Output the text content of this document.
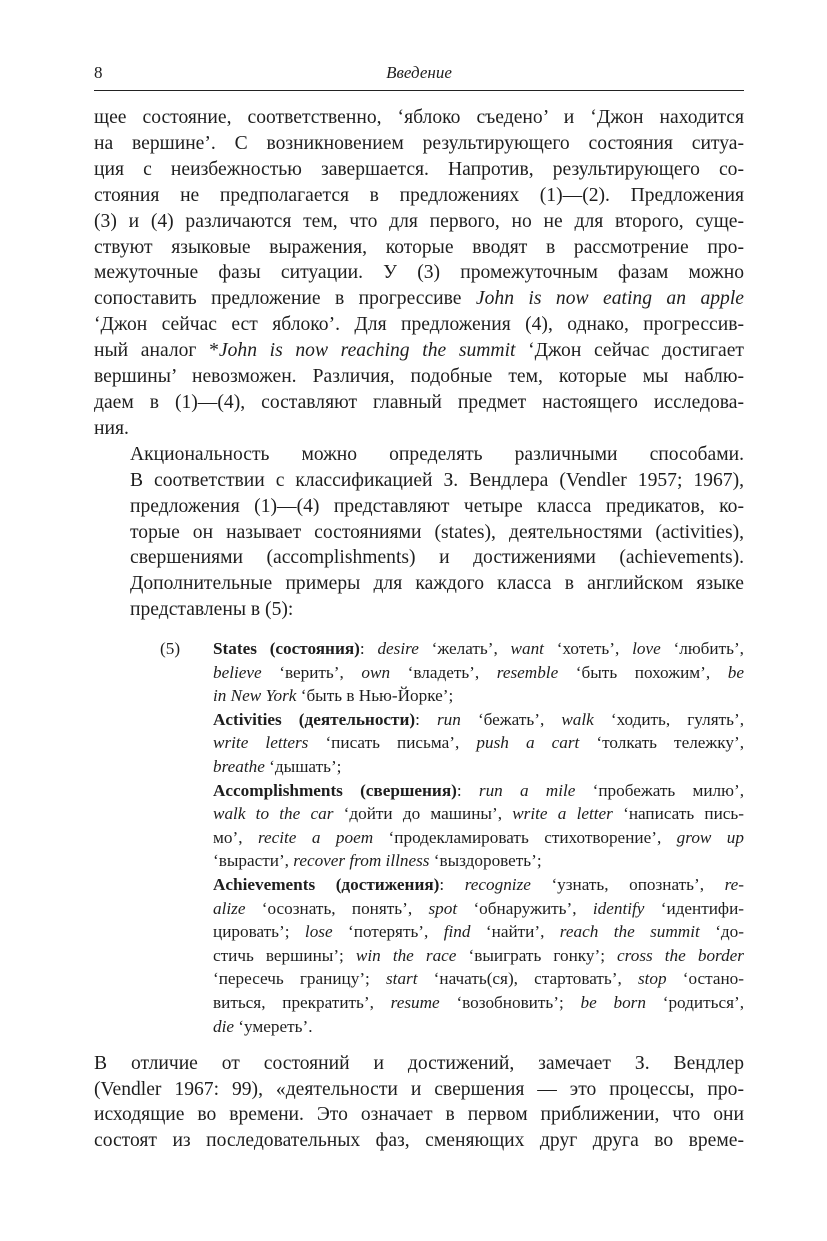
8	Введение

щее состояние, соответственно, ‘яблоко съедено’ и ‘Джон находится
на вершине’. С возникновением результирующего состояния ситуа-
ция с неизбежностью завершается. Напротив, результирующего со-
стояния не предполагается в предложениях (1)—(2). Предложения
(3) и (4) различаются тем, что для первого, но не для второго, суще-
ствуют языковые выражения, которые вводят в рассмотрение про-
межуточные фазы ситуации. У (3) промежуточным фазам можно
сопоставить предложение в прогрессиве John is now eating an apple
‘Джон сейчас ест яблоко’. Для предложения (4), однако, прогрессив-
ный аналог *John is now reaching the summit ‘Джон сейчас достигает
вершины’ невозможен. Различия, подобные тем, которые мы наблю-
даем в (1)—(4), составляют главный предмет настоящего исследова-
ния.

Акциональность можно определять различными способами.
В соответствии с классификацией З. Вендлера (Vendler 1957; 1967),
предложения (1)—(4) представляют четыре класса предикатов, ко-
торые он называет состояниями (states), деятельностями (activities),
свершениями (accomplishments) и достижениями (achievements).
Дополнительные примеры для каждого класса в английском языке
представлены в (5):

(5) States (состояния): desire ‘желать’, want ‘хотеть’, love ‘любить’,
believe ‘верить’, own ‘владеть’, resemble ‘быть похожим’, be
in New York ‘быть в Нью-Йорке’;
Activities (деятельности): run ‘бежать’, walk ‘ходить, гулять’,
write letters ‘писать письма’, push a cart ‘толкать тележку’,
breathe ‘дышать’;
Accomplishments (свершения): run a mile ‘пробежать милю’,
walk to the car ‘дойти до машины’, write a letter ‘написать пись-
мо’, recite a poem ‘продекламировать стихотворение’, grow up
‘вырасти’, recover from illness ‘выздороветь’;
Achievements (достижения): recognize ‘узнать, опознать’, re-
alize ‘осознать, понять’, spot ‘обнаружить’, identify ‘идентифи-
цировать’; lose ‘потерять’, find ‘найти’, reach the summit ‘до-
стичь вершины’; win the race ‘выиграть гонку’; cross the border
‘пересечь границу’; start ‘начать(ся), стартовать’, stop ‘остано-
виться, прекратить’, resume ‘возобновить’; be born ‘родиться’,
die ‘умереть’.

В отличие от состояний и достижений, замечает З. Вендлер
(Vendler 1967: 99), «деятельности и свершения — это процессы, про-
исходящие во времени. Это означает в первом приближении, что они
состоят из последовательных фаз, сменяющих друг друга во време-
